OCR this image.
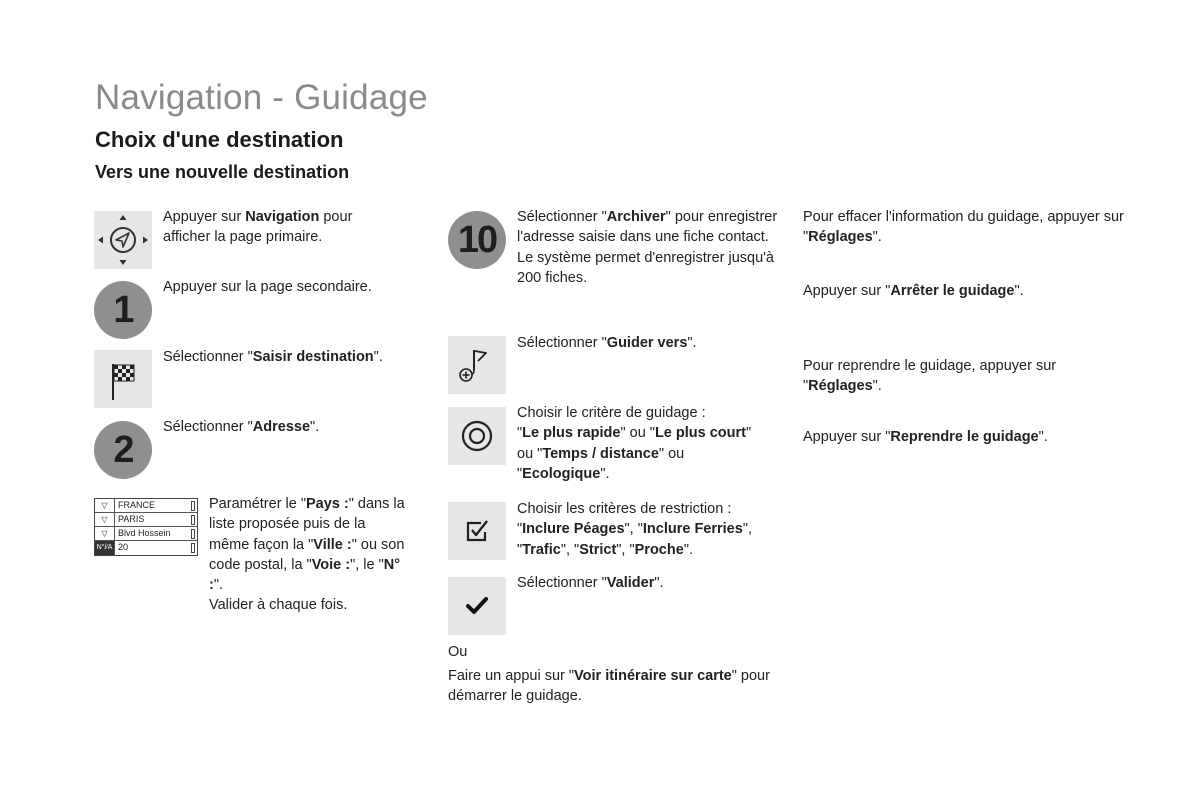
Navigation - Guidage
Choix d'une destination
Vers une nouvelle destination
Appuyer sur Navigation pour afficher la page primaire.
1
Appuyer sur la page secondaire.
Sélectionner "Saisir destination".
2
Sélectionner "Adresse".
▽	FRANCE
▽	PARIS
▽	Blvd Hossein
N°/⁄A 20
Paramétrer le "Pays :" dans la liste proposée puis de la même façon la "Ville :" ou son code postal, la "Voie :", le "N° :".
Valider à chaque fois.
10
Sélectionner "Archiver" pour enregistrer l'adresse saisie dans une fiche contact.
Le système permet d'enregistrer jusqu'à 200 fiches.
Sélectionner "Guider vers".
Choisir le critère de guidage :
"Le plus rapide" ou "Le plus court" ou "Temps / distance" ou "Ecologique".
Choisir les critères de restriction :
"Inclure Péages", "Inclure Ferries", "Trafic", "Strict", "Proche".
Sélectionner "Valider".
Ou
Faire un appui sur "Voir itinéraire sur carte" pour démarrer le guidage.
Pour effacer l'information du guidage, appuyer sur "Réglages".
Appuyer sur "Arrêter le guidage".
Pour reprendre le guidage, appuyer sur "Réglages".
Appuyer sur "Reprendre le guidage".
